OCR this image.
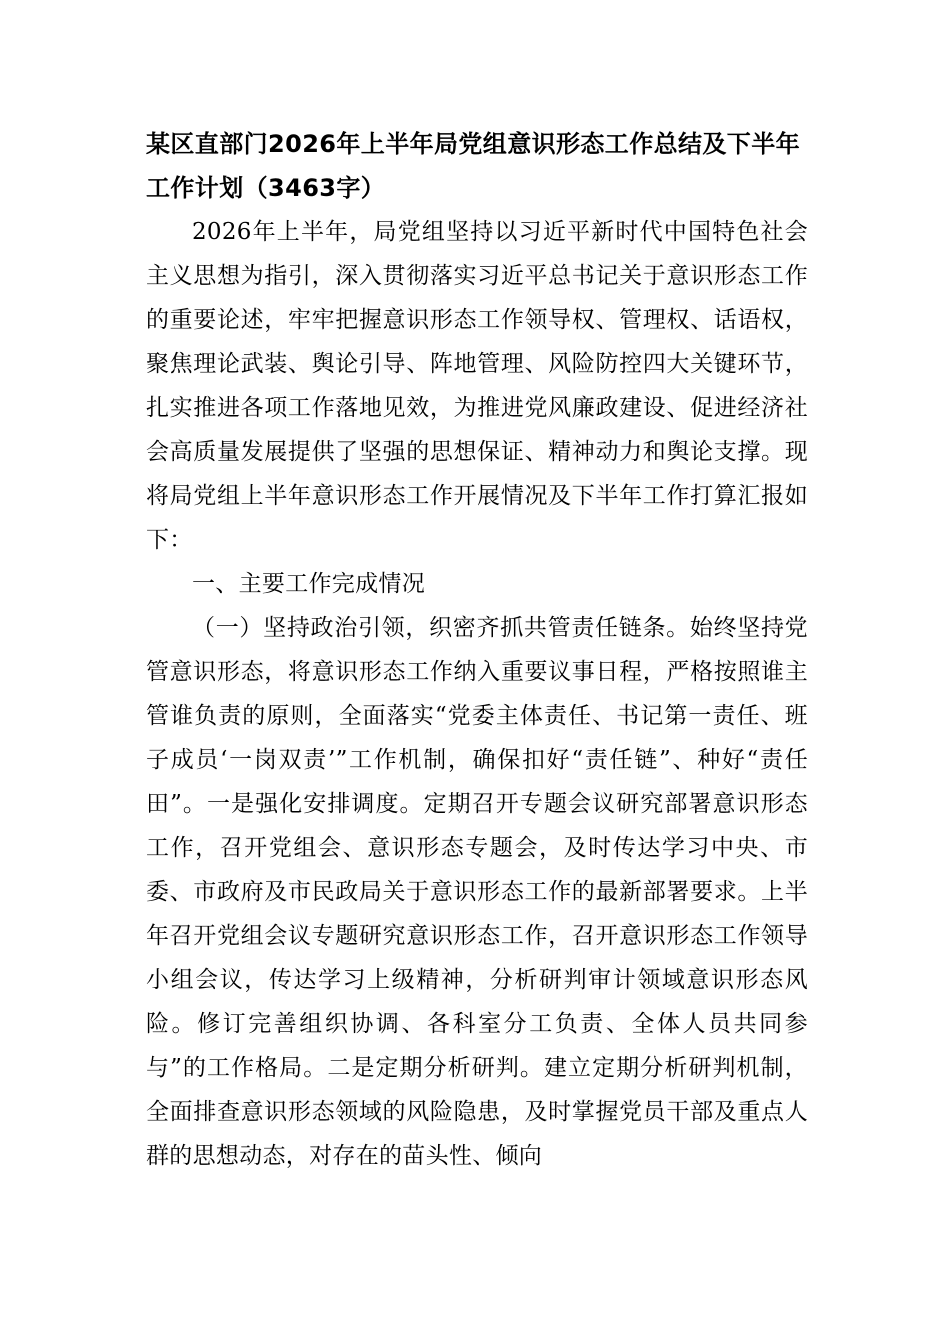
某区直部门2026年上半年局党组意识形态工作总结及下半年工作计划（3463字）

2026年上半年，局党组坚持以习近平新时代中国特色社会主义思想为指引，深入贯彻落实习近平总书记关于意识形态工作的重要论述，牢牢把握意识形态工作领导权、管理权、话语权，聚焦理论武装、舆论引导、阵地管理、风险防控四大关键环节，扎实推进各项工作落地见效，为推进党风廉政建设、促进经济社会高质量发展提供了坚强的思想保证、精神动力和舆论支撑。现将局党组上半年意识形态工作开展情况及下半年工作打算汇报如下：

一、主要工作完成情况

（一）坚持政治引领，织密齐抓共管责任链条。始终坚持党管意识形态，将意识形态工作纳入重要议事日程，严格按照谁主管谁负责的原则，全面落实“党委主体责任、书记第一责任、班子成员‘一岗双责’”工作机制，确保扣好“责任链”、种好“责任田”。一是强化安排调度。定期召开专题会议研究部署意识形态工作，召开党组会、意识形态专题会，及时传达学习中央、市委、市政府及市民政局关于意识形态工作的最新部署要求。上半年召开党组会议专题研究意识形态工作，召开意识形态工作领导小组会议，传达学习上级精神，分析研判审计领域意识形态风险。修订完善组织协调、各科室分工负责、全体人员共同参与”的工作格局。二是定期分析研判。建立定期分析研判机制，全面排查意识形态领域的风险隐患，及时掌握党员干部及重点人群的思想动态，对存在的苗头性、倾向
